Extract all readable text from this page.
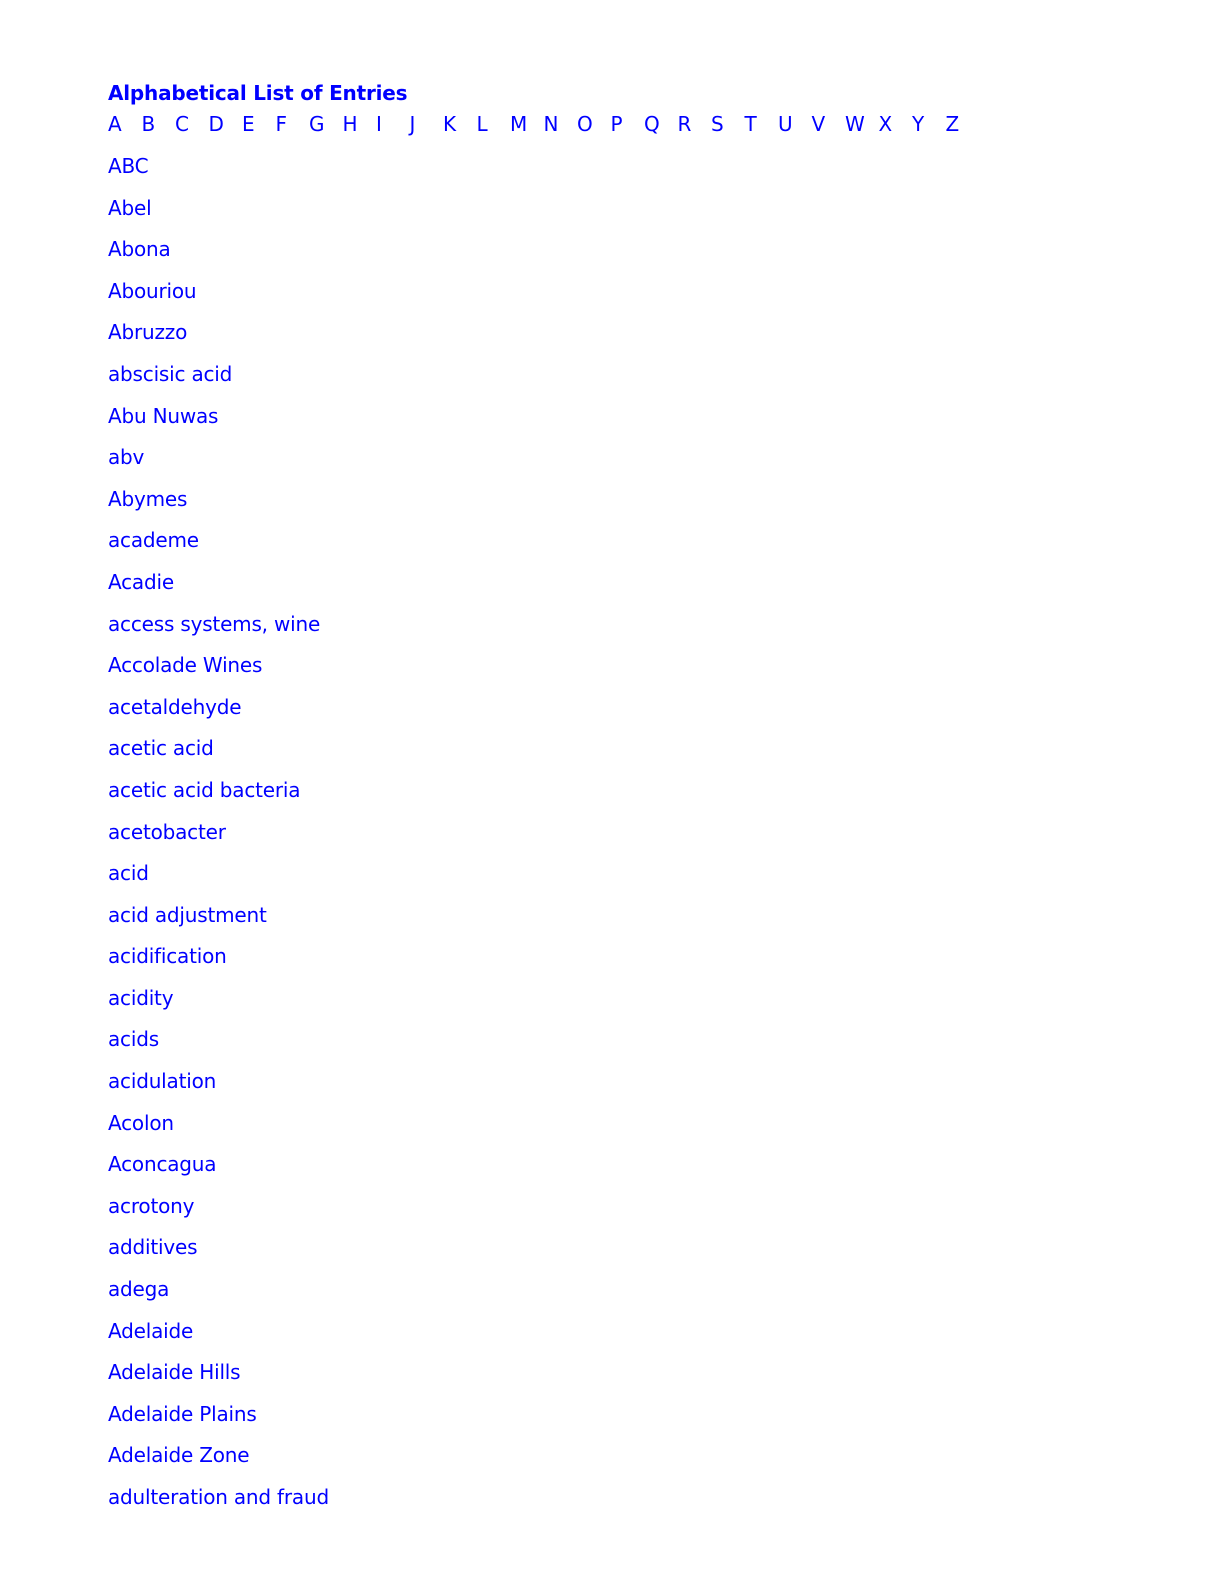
Alphabetical List of Entries
A B C D E	F	G H I	J	K	L	M N O P	Q R S	T	U V W X Y	Z
ABC
Abel
Abona
Abouriou
Abruzzo
abscisic acid
Abu Nuwas
abv
Abymes
academe
Acadie
access systems, wine
Accolade Wines
acetaldehyde
acetic acid
acetic acid bacteria
acetobacter
acid
acid adjustment
acidification
acidity
acids
acidulation
Acolon
Aconcagua
acrotony
additives
adega
Adelaide
Adelaide Hills
Adelaide Plains
Adelaide Zone
adulteration and fraud
